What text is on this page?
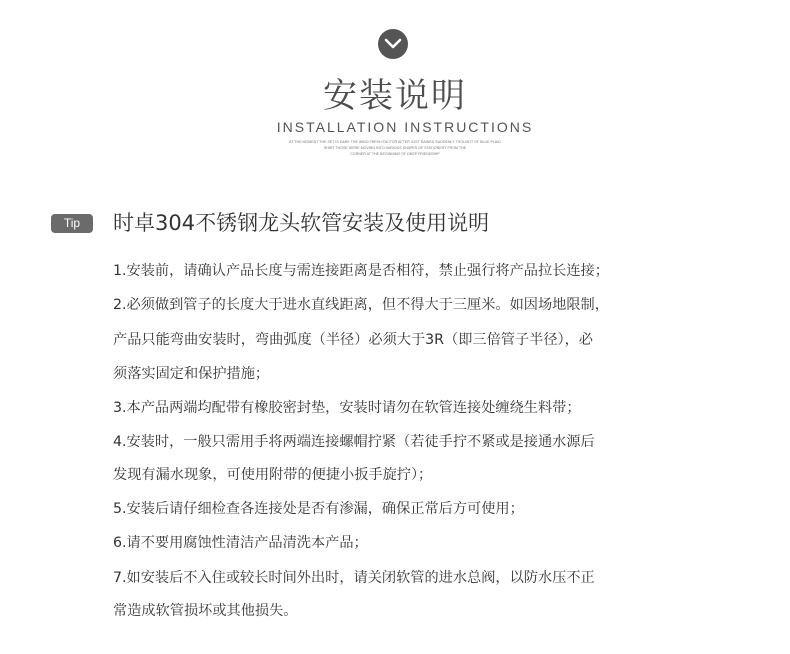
安装说明
INSTALLATION INSTRUCTIONS
AT THE MOMENT THE SET IS DARK THE WIND FRESH FACTOR AFTER JUST RAINED SUDDENLY THOUGHT OF BLUE PLAID
SHIRT THOSE WERE MOVING INTO VARIOUS SHAPES OF STATIONERY FROM THE
CORNER AT THE BEGINNING OF DEEP FRIENDSHIP
Tip	时卓304不锈钢龙头软管安装及使用说明
1.安装前，请确认产品长度与需连接距离是否相符，禁止强行将产品拉长连接；
2.必须做到管子的长度大于进水直线距离，但不得大于三厘米。如因场地限制，
产品只能弯曲安装时，弯曲弧度（半径）必须大于3R（即三倍管子半径），必
须落实固定和保护措施；
3.本产品两端均配带有橡胶密封垫，安装时请勿在软管连接处缠绕生料带；
4.安装时，一般只需用手将两端连接螺帽拧紧（若徒手拧不紧或是接通水源后
发现有漏水现象，可使用附带的便捷小扳手旋拧）；
5.安装后请仔细检查各连接处是否有渗漏，确保正常后方可使用；
6.请不要用腐蚀性清洁产品清洗本产品；
7.如安装后不入住或较长时间外出时，请关闭软管的进水总阀，以防水压不正
常造成软管损坏或其他损失。
